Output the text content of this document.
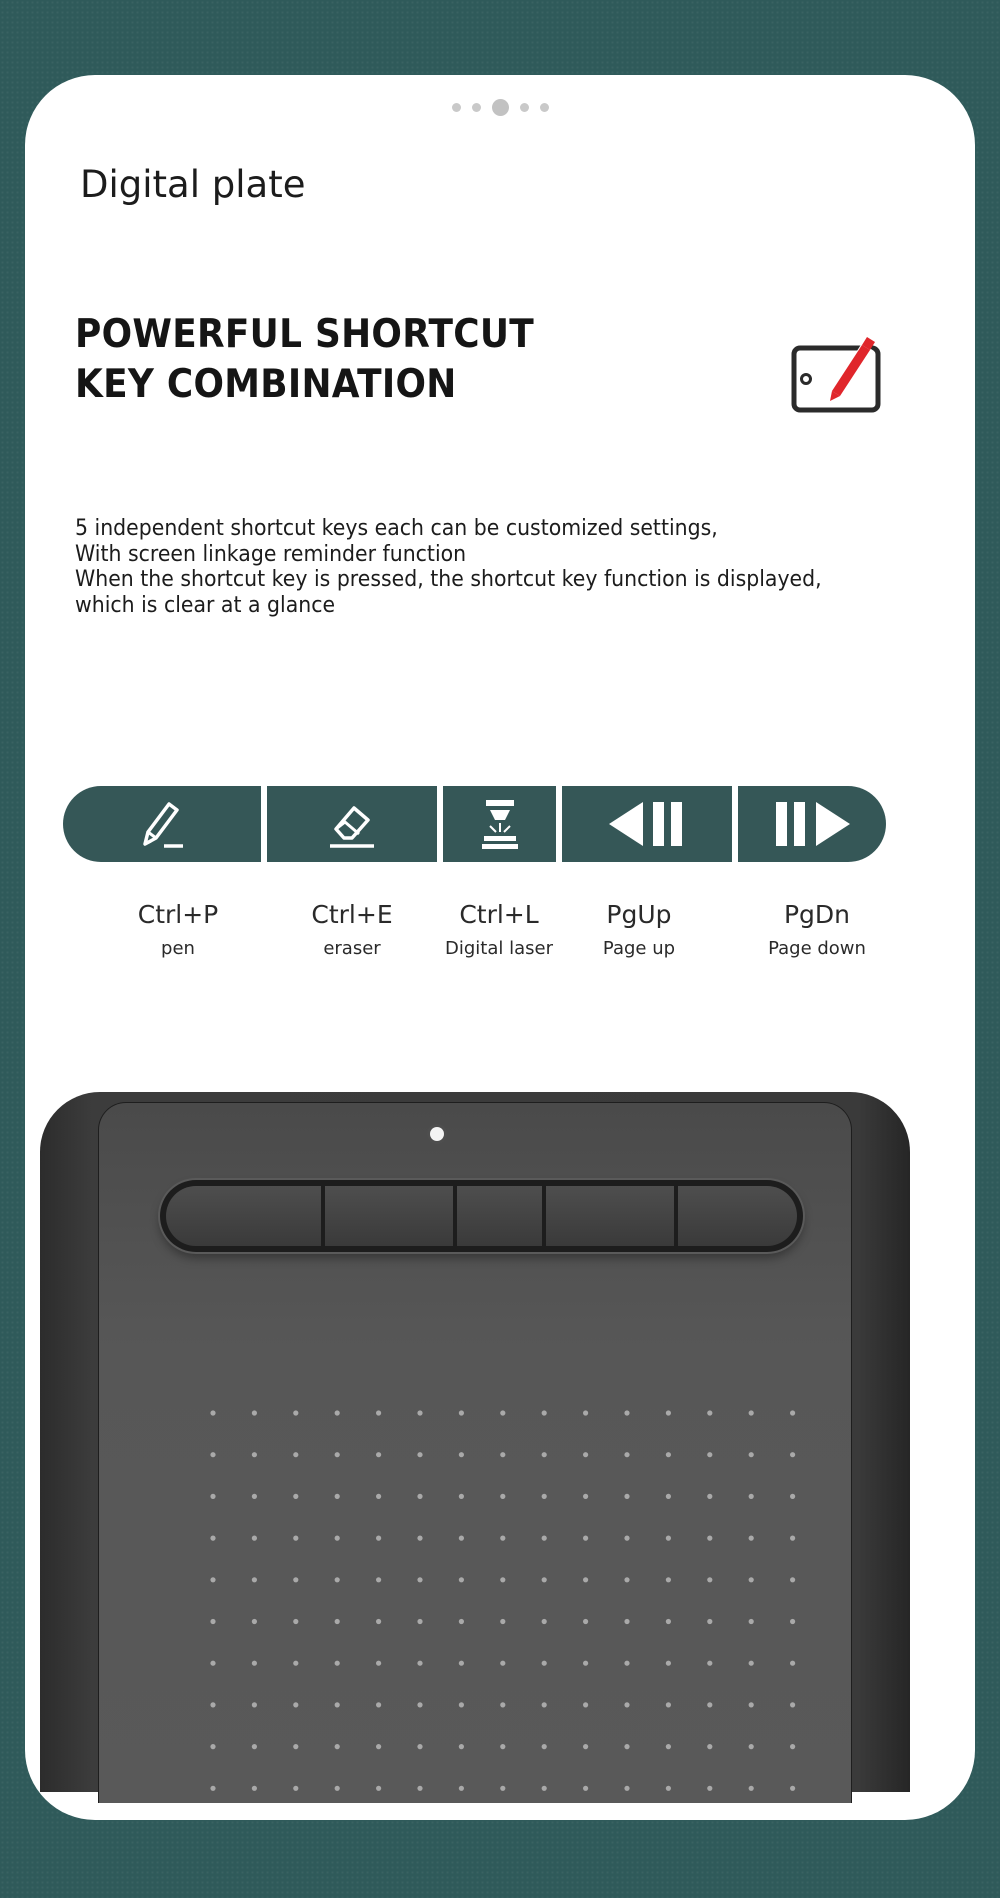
Digital plate
POWERFUL SHORTCUT
KEY COMBINATION
5 independent shortcut keys each can be customized settings,
With screen linkage reminder function
When the shortcut key is pressed, the shortcut key function is displayed,
which is clear at a glance
Ctrl+P
pen
Ctrl+E
eraser
Ctrl+L
Digital laser
PgUp
Page up
PgDn
Page down
